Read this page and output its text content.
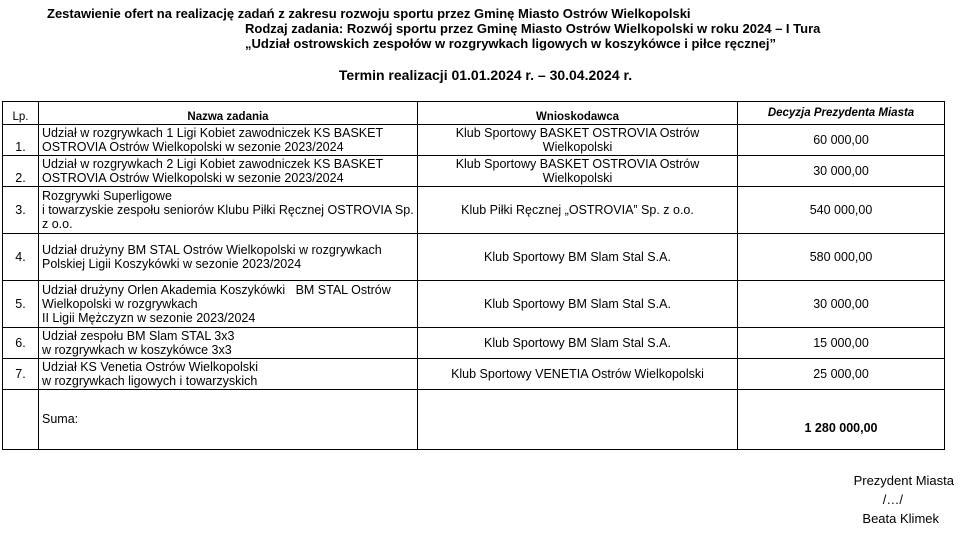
Zestawienie ofert na realizację zadań z zakresu rozwoju sportu przez Gminę Miasto Ostrów Wielkopolski
Rodzaj zadania: Rozwój sportu przez Gminę Miasto Ostrów Wielkopolski w roku 2024 – I Tura
„Udział ostrowskich zespołów w rozgrywkach ligowych w koszykówce i piłce ręcznej”
Termin realizacji 01.01.2024 r. – 30.04.2024 r.
Lp.	Nazwa zadania	Wnioskodawca	Decyzja Prezydenta Miasta
1.	Udział w rozgrywkach 1 Ligi Kobiet zawodniczek KS BASKET OSTROVIA Ostrów Wielkopolski w sezonie 2023/2024	Klub Sportowy BASKET OSTROVIA Ostrów Wielkopolski	60 000,00
2.	Udział w rozgrywkach 2 Ligi Kobiet zawodniczek KS BASKET OSTROVIA Ostrów Wielkopolski w sezonie 2023/2024	Klub Sportowy BASKET OSTROVIA Ostrów Wielkopolski	30 000,00
3.	Rozgrywki Superligowe
i towarzyskie zespołu seniorów Klubu Piłki Ręcznej OSTROVIA Sp. z o.o.	Klub Piłki Ręcznej „OSTROVIA” Sp. z o.o.	540 000,00
4.	Udział drużyny BM STAL Ostrów Wielkopolski w rozgrywkach Polskiej Ligii Koszykówki w sezonie 2023/2024	Klub Sportowy BM Slam Stal S.A.	580 000,00
5.	Udział drużyny Orlen Akademia Koszykówki   BM STAL Ostrów Wielkopolski w rozgrywkach
II Ligii Mężczyzn w sezonie 2023/2024	Klub Sportowy BM Slam Stal S.A.	30 000,00
6.	Udział zespołu BM Slam STAL 3x3
w rozgrywkach w koszykówce 3x3	Klub Sportowy BM Slam Stal S.A.	15 000,00
7.	Udział KS Venetia Ostrów Wielkopolski
w rozgrywkach ligowych i towarzyskich	Klub Sportowy VENETIA Ostrów Wielkopolski	25 000,00
	Suma:		1 280 000,00
Prezydent Miasta
/…/
Beata Klimek
